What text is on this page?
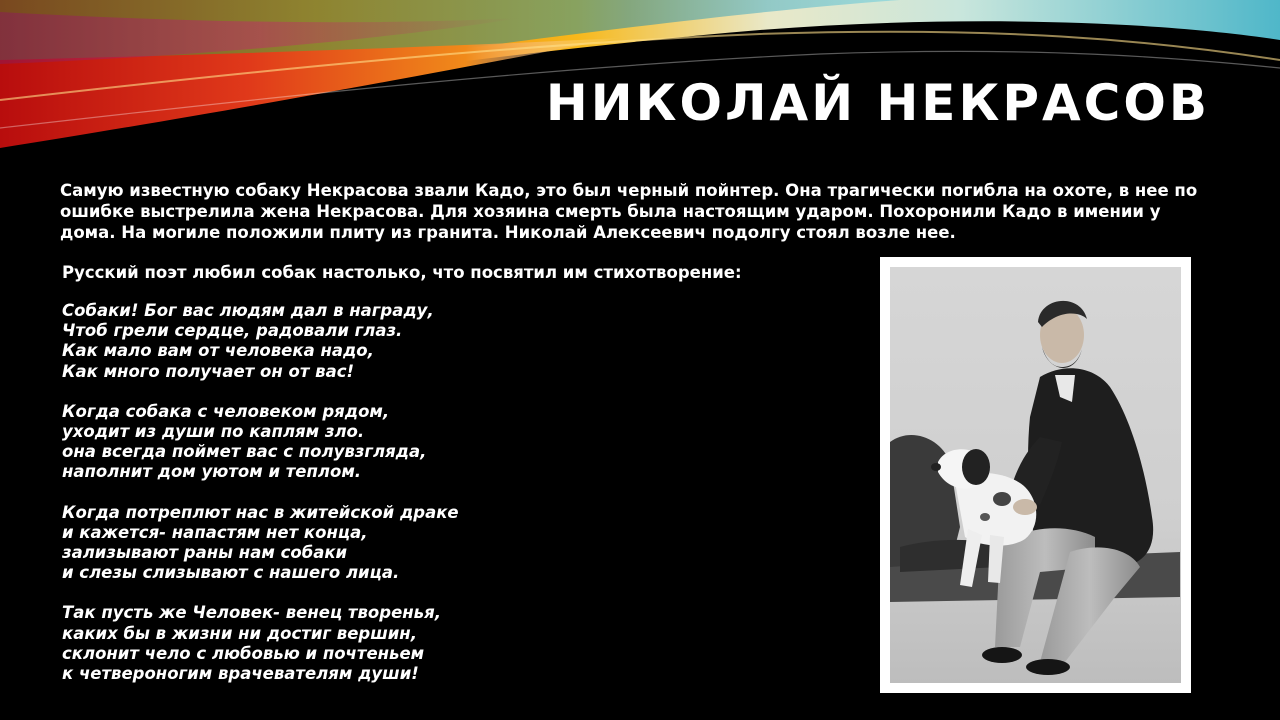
НИКОЛАЙ НЕКРАСОВ

Самую известную собаку Некрасова звали Кадо, это был черный пойнтер. Она трагически погибла на охоте, в нее по ошибке выстрелила жена Некрасова. Для хозяина смерть была настоящим ударом. Похоронили Кадо в имении у дома. На могиле положили плиту из гранита. Николай Алексеевич подолгу стоял возле нее.

Русский поэт любил собак настолько, что посвятил им стихотворение:

Собаки! Бог вас людям дал в награду,
Чтоб грели сердце, радовали глаз.
Как мало вам от человека надо,
Как много получает он от вас!
Когда собака с человеком рядом,
уходит из души по каплям зло.
она всегда поймет вас с полувзгляда,
наполнит дом уютом и теплом.
Когда потреплют нас в житейской драке
и кажется- напастям нет конца,
зализывают раны нам собаки
и слезы слизывают с нашего лица.
Так пусть же Человек- венец творенья,
каких бы в жизни ни достиг вершин,
склонит чело с любовью и почтеньем
к четвероногим врачевателям души!
